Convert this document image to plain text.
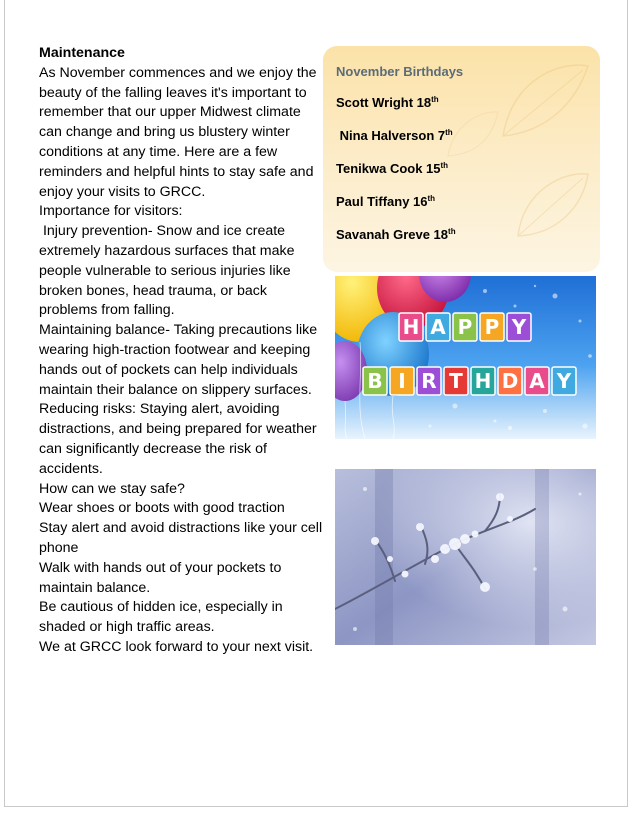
Maintenance

As November commences and we enjoy the beauty of the falling leaves it's important to remember that our upper Midwest climate can change and bring us blustery winter conditions at any time. Here are a few reminders and helpful hints to stay safe and enjoy your visits to GRCC.

Importance for visitors:

Injury prevention- Snow and ice create extremely hazardous surfaces that make people vulnerable to serious injuries like broken bones, head trauma, or back problems from falling.

Maintaining balance- Taking precautions like wearing high-traction footwear and keeping hands out of pockets can help individuals maintain their balance on slippery surfaces.

Reducing risks: Staying alert, avoiding distractions, and being prepared for weather can significantly decrease the risk of accidents.

How can we stay safe?

Wear shoes or boots with good traction

Stay alert and avoid distractions like your cell phone

Walk with hands out of your pockets to maintain balance.

Be cautious of hidden ice, especially in shaded or high traffic areas.

We at GRCC look forward to your next visit.

November Birthdays

Scott Wright 18th

Nina Halverson 7th

Tenikwa Cook 15th

Paul Tiffany 16th

Savanah Greve 18th

H A P P Y
B I R T H D A Y
